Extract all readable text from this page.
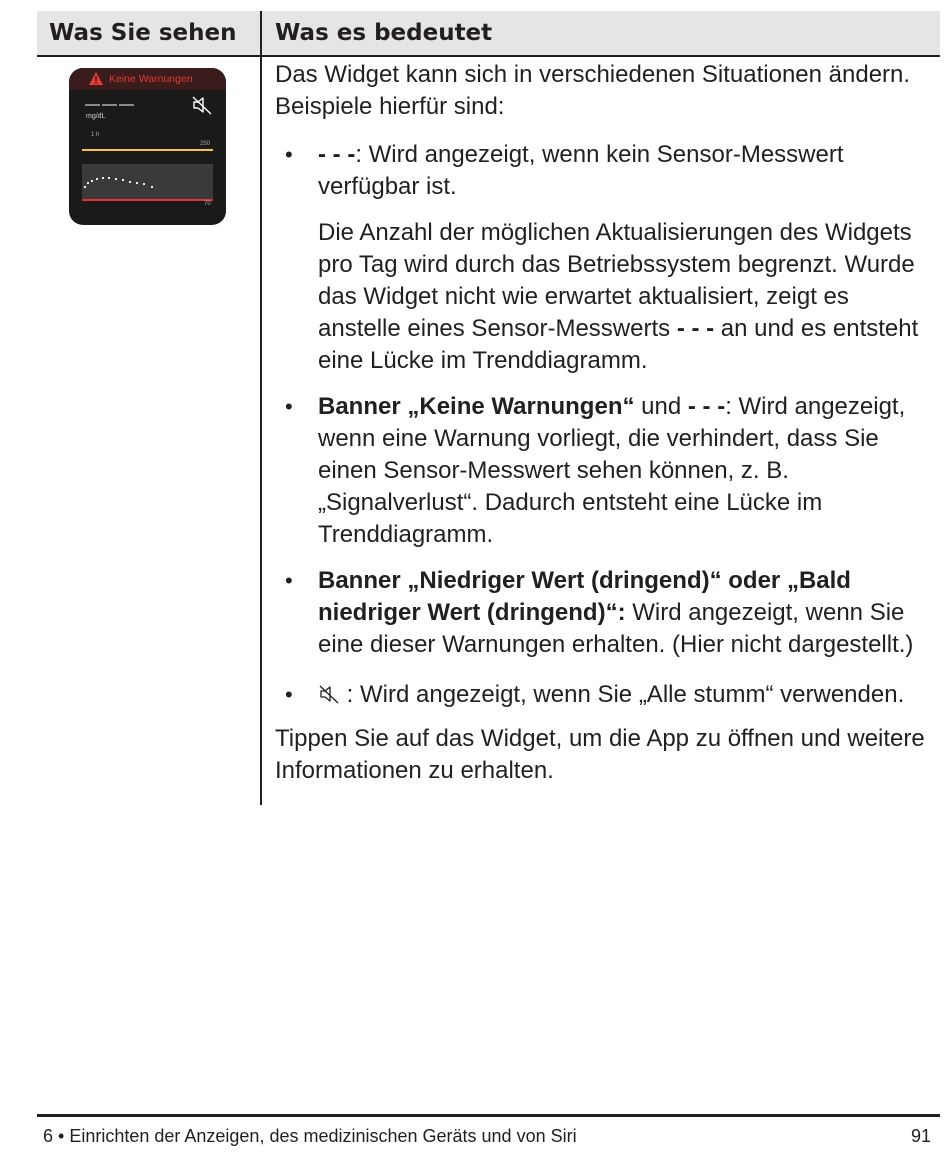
Was Sie sehen Was es bedeutet
Keine Warnungen
———
mg/dL
1 h
250
70

Das Widget kann sich in verschiedenen Situationen ändern. Beispiele hierfür sind:

• - - -: Wird angezeigt, wenn kein Sensor-Messwert verfügbar ist.

Die Anzahl der möglichen Aktualisierungen des Widgets pro Tag wird durch das Betriebssystem begrenzt. Wurde das Widget nicht wie erwartet aktualisiert, zeigt es anstelle eines Sensor-Messwerts - - - an und es entsteht eine Lücke im Trenddiagramm.

• Banner „Keine Warnungen“ und - - -: Wird angezeigt, wenn eine Warnung vorliegt, die verhindert, dass Sie einen Sensor-Messwert sehen können, z. B. „Signalverlust“. Dadurch entsteht eine Lücke im Trenddiagramm.
• Banner „Niedriger Wert (dringend)“ oder „Bald niedriger Wert (dringend)“: Wird angezeigt, wenn Sie eine dieser Warnungen erhalten. (Hier nicht dargestellt.)
• : Wird angezeigt, wenn Sie „Alle stumm“ verwenden.

Tippen Sie auf das Widget, um die App zu öffnen und weitere Informationen zu erhalten.

6 • Einrichten der Anzeigen, des medizinischen Geräts und von Siri	91
